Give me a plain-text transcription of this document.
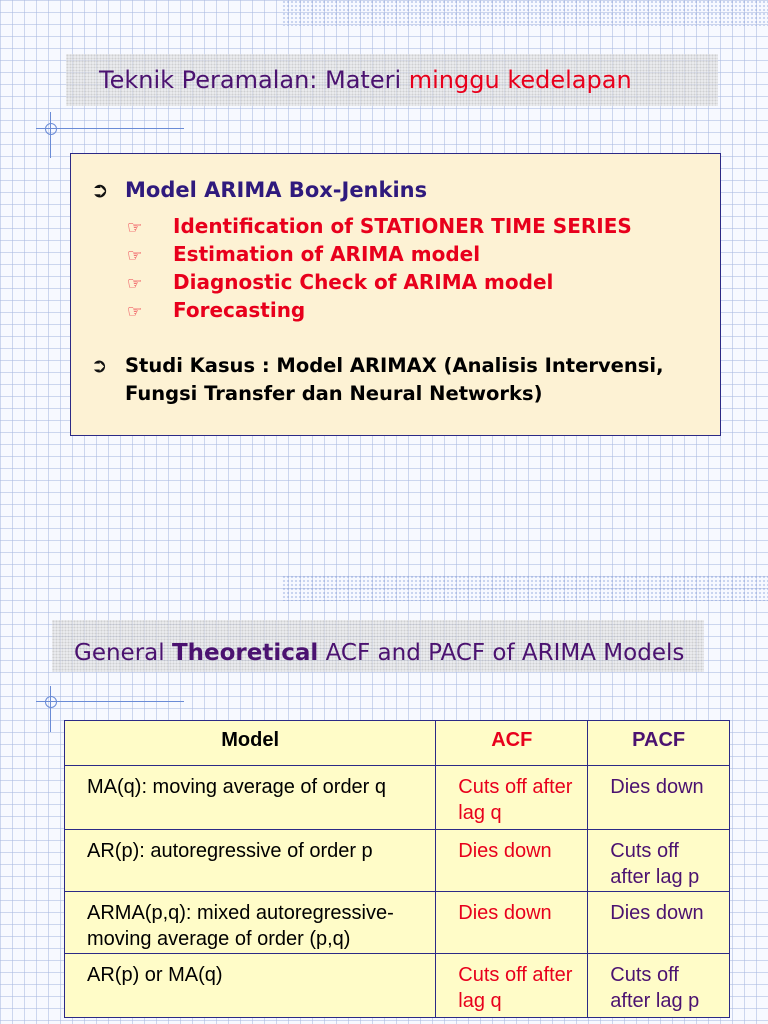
Teknik Peramalan: Materi minggu kedelapan
➲ Model ARIMA Box-Jenkins
☞ Identification of STATIONER TIME SERIES
☞ Estimation of ARIMA model
☞ Diagnostic Check of ARIMA model
☞ Forecasting
➲ Studi Kasus : Model ARIMAX (Analisis Intervensi,
Fungsi Transfer dan Neural Networks)
General Theoretical ACF and PACF of ARIMA Models
Model	ACF	PACF
MA(q): moving average of order q	Cuts off after lag q	Dies down
AR(p): autoregressive of order p	Dies down	Cuts off after lag p
ARMA(p,q): mixed autoregressive-moving average of order (p,q)	Dies down	Dies down
AR(p) or MA(q)	Cuts off after lag q	Cuts off after lag p
